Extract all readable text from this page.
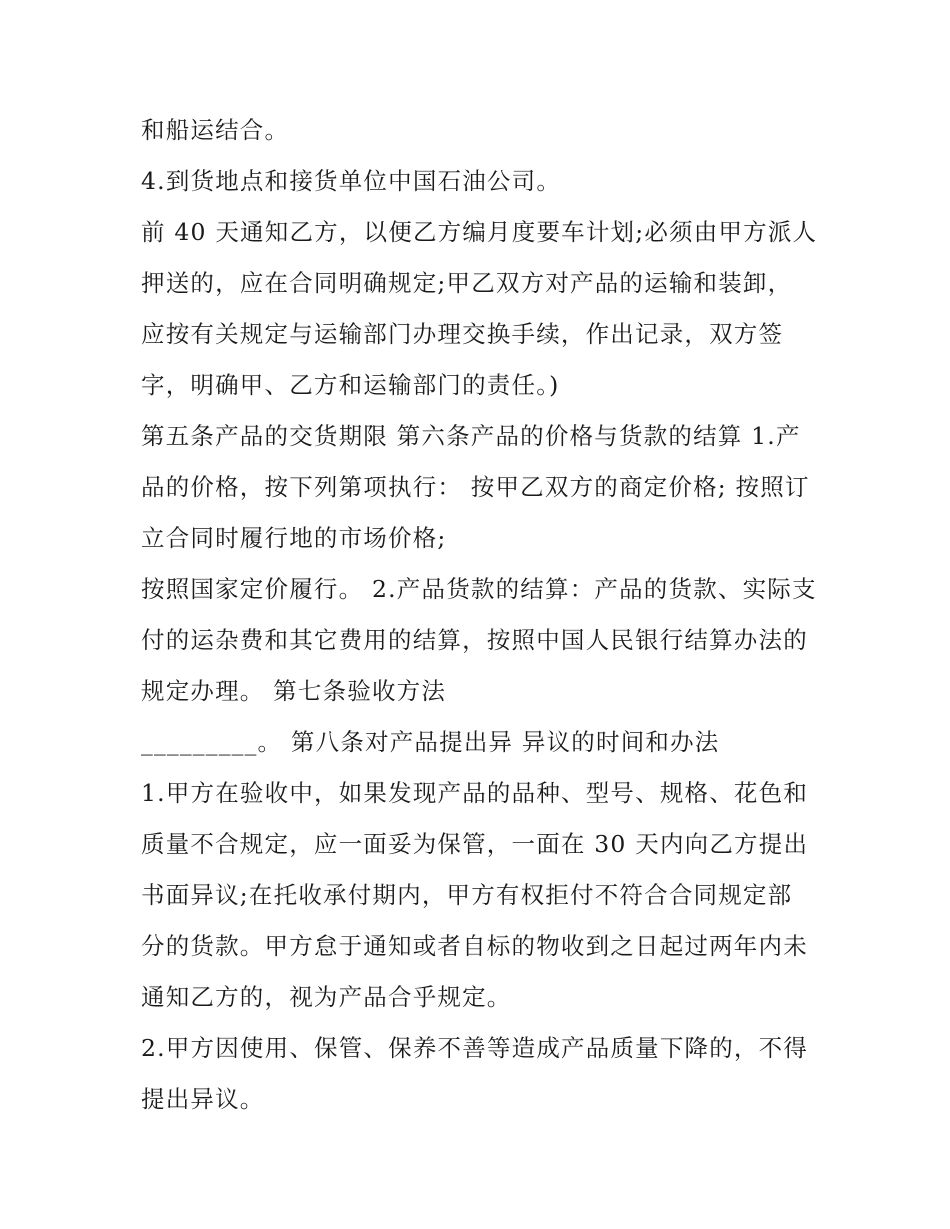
和船运结合。
4.到货地点和接货单位中国石油公司。
前 40 天通知乙方，以便乙方编月度要车计划;必须由甲方派人
押送的，应在合同明确规定;甲乙双方对产品的运输和装卸，
应按有关规定与运输部门办理交换手续，作出记录，双方签
字，明确甲、乙方和运输部门的责任。)
第五条产品的交货期限 第六条产品的价格与货款的结算 1.产
品的价格，按下列第项执行： 按甲乙双方的商定价格; 按照订
立合同时履行地的市场价格;
按照国家定价履行。 2.产品货款的结算：产品的货款、实际支
付的运杂费和其它费用的结算，按照中国人民银行结算办法的
规定办理。 第七条验收方法
_________。 第八条对产品提出异 异议的时间和办法
1.甲方在验收中，如果发现产品的品种、型号、规格、花色和
质量不合规定，应一面妥为保管，一面在 30 天内向乙方提出
书面异议;在托收承付期内，甲方有权拒付不符合合同规定部
分的货款。甲方怠于通知或者自标的物收到之日起过两年内未
通知乙方的，视为产品合乎规定。
2.甲方因使用、保管、保养不善等造成产品质量下降的，不得
提出异议。
